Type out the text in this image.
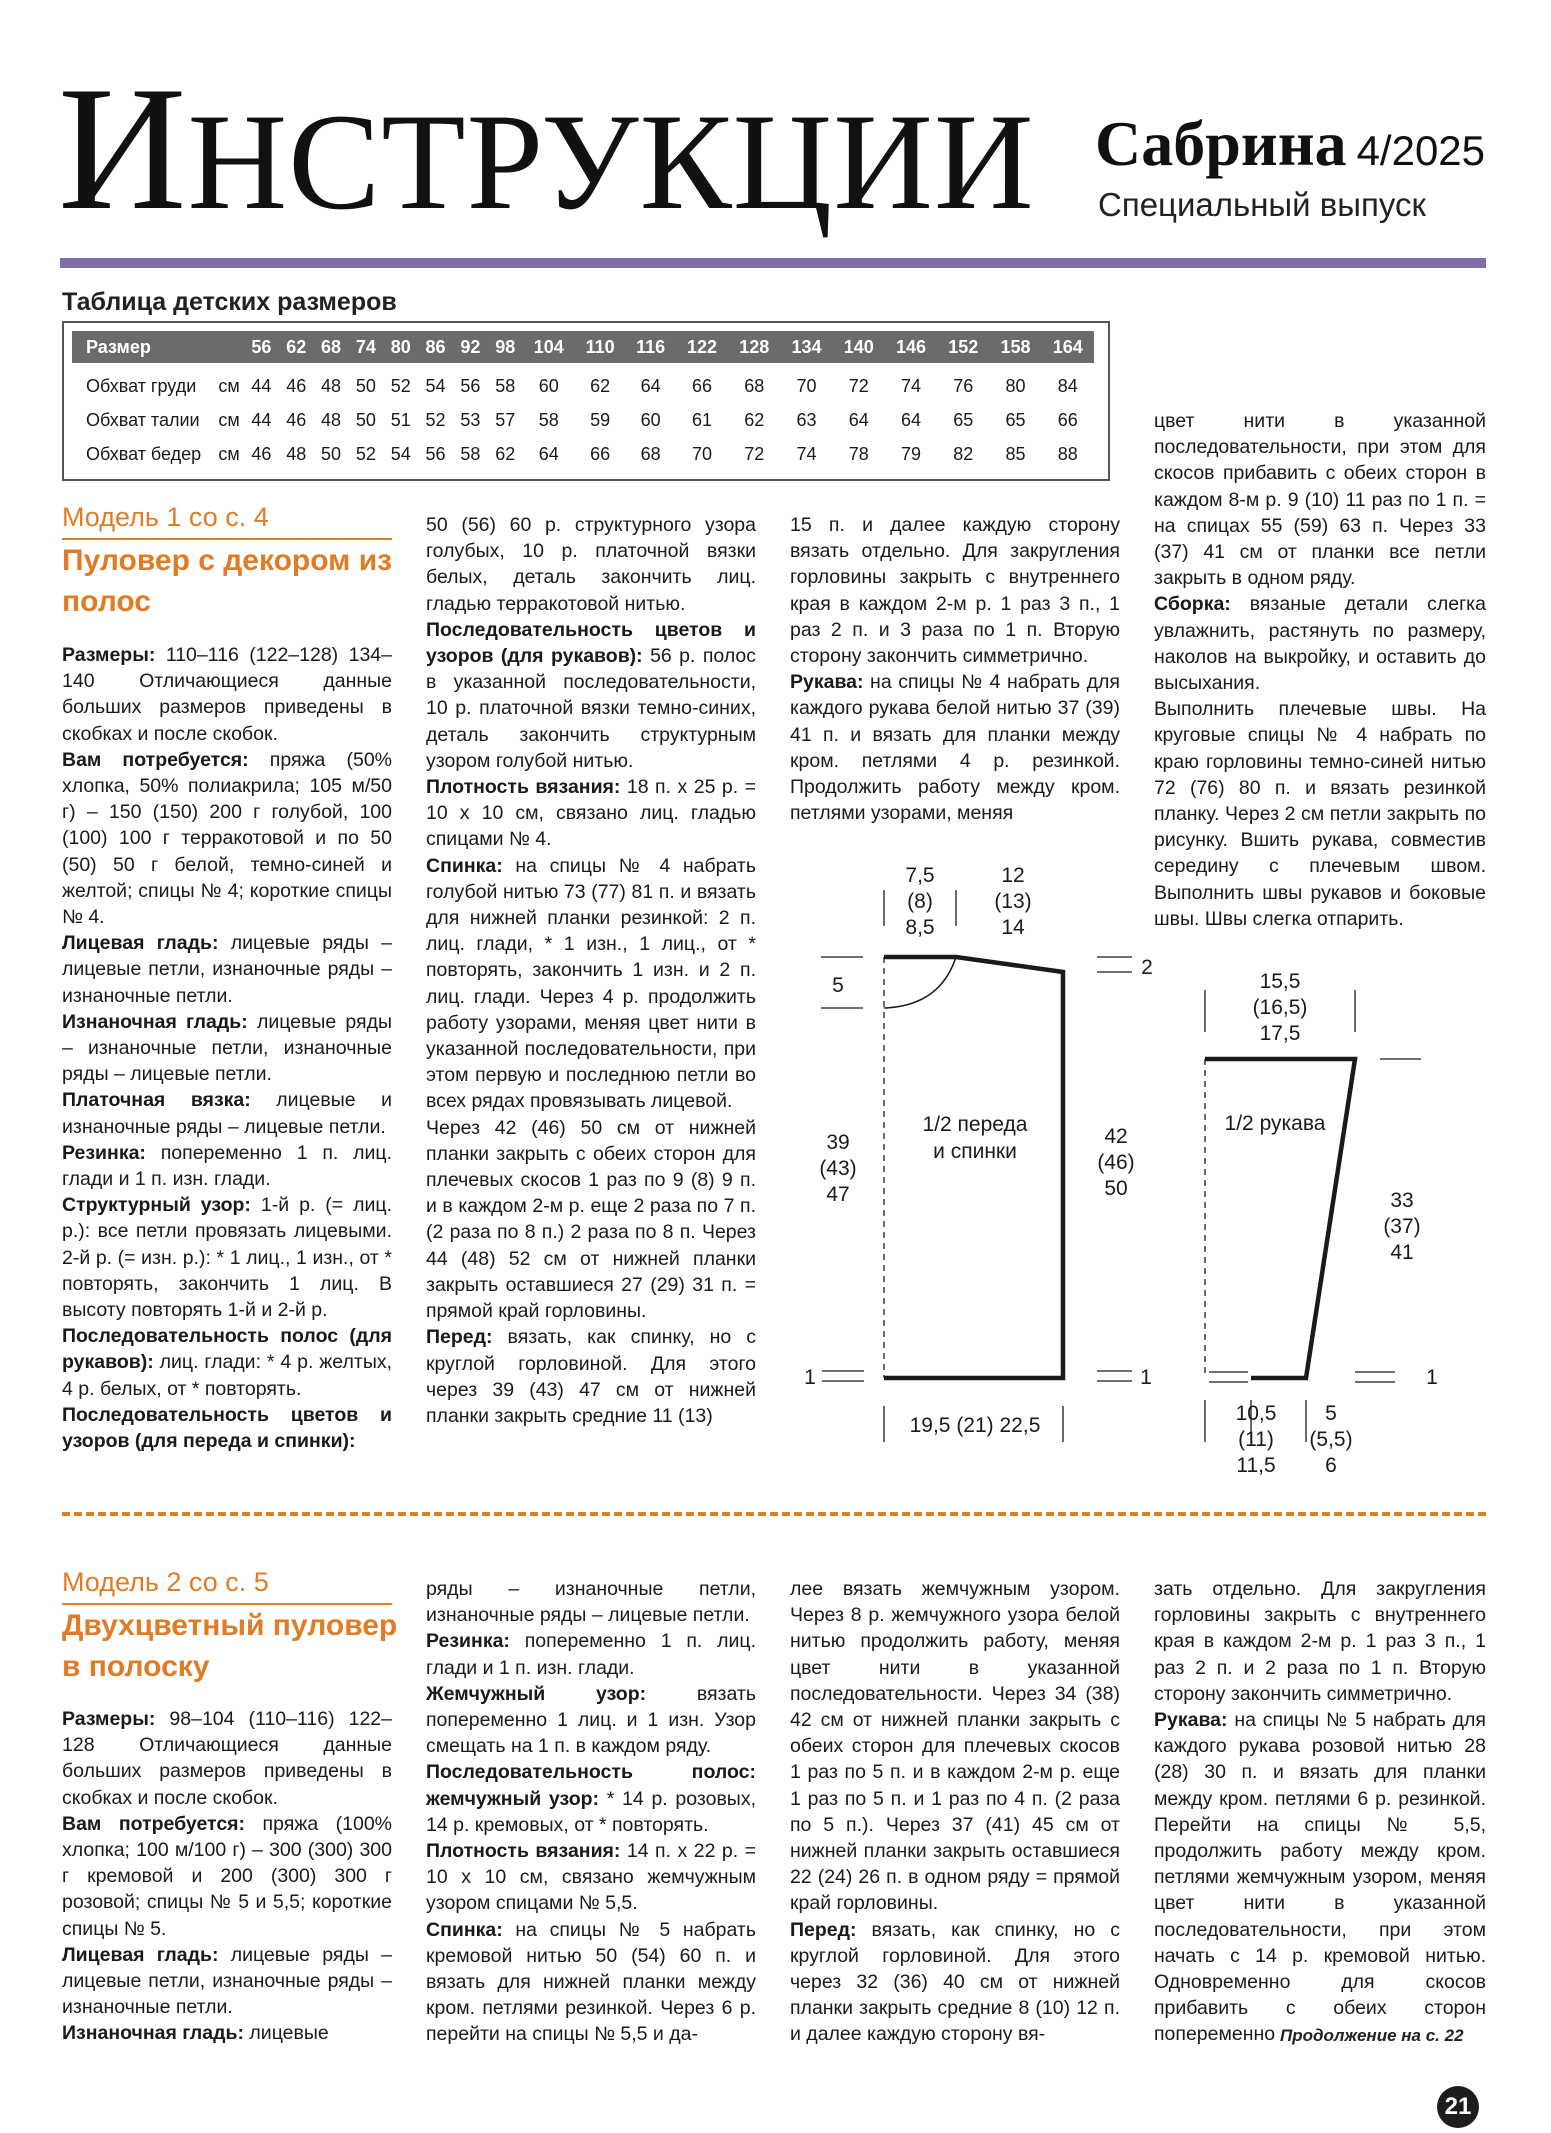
ИНСТРУКЦИИ Сабрина 4/2025
Специальный выпуск
Таблица детских размеров
Размер		56	62	68	74	80	86	92	98	104	110	116	122	128	134	140	146	152	158	164
Обхват груди	см	44	46	48	50	52	54	56	58	60	62	64	66	68	70	72	74	76	80	84
Обхват талии	см	44	46	48	50	51	52	53	57	58	59	60	61	62	63	64	64	65	65	66
Обхват бедер	см	46	48	50	52	54	56	58	62	64	66	68	70	72	74	78	79	82	85	88
Модель 1 со с. 4
Пуловер с декором из полос

Размеры: 110–116 (122–128) 134–140 Отличающиеся данные больших размеров приведены в скобках и после скобок.

Вам потребуется: пряжа (50% хлопка, 50% полиакрила; 105 м/50 г) – 150 (150) 200 г голубой, 100 (100) 100 г терракотовой и по 50 (50) 50 г белой, темно-синей и желтой; спицы № 4; короткие спицы № 4.

Лицевая гладь: лицевые ряды – лицевые петли, изнаночные ряды – изнаночные петли.

Изнаночная гладь: лицевые ряды – изнаночные петли, изнаночные ряды – лицевые петли.

Платочная вязка: лицевые и изнаночные ряды – лицевые петли.

Резинка: попеременно 1 п. лиц. глади и 1 п. изн. глади.

Структурный узор: 1-й р. (= лиц. р.): все петли провязать лицевыми. 2-й р. (= изн. р.): * 1 лиц., 1 изн., от * повторять, закончить 1 лиц. В высоту повторять 1-й и 2-й р.

Последовательность полос (для рукавов): лиц. глади: * 4 р. желтых, 4 р. белых, от * повторять.

Последовательность цветов и узоров (для переда и спинки):

50 (56) 60 р. структурного узора голубых, 10 р. платочной вязки белых, деталь закончить лиц. гладью терракотовой нитью.

Последовательность цветов и узоров (для рукавов): 56 р. полос в указанной последовательности, 10 р. платочной вязки темно-синих, деталь закончить структурным узором голубой нитью.

Плотность вязания: 18 п. х 25 р. = 10 х 10 см, связано лиц. гладью спицами № 4.

Спинка: на спицы № 4 набрать голубой нитью 73 (77) 81 п. и вязать для нижней планки резинкой: 2 п. лиц. глади, * 1 изн., 1 лиц., от * повторять, закончить 1 изн. и 2 п. лиц. глади. Через 4 р. продолжить работу узорами, меняя цвет нити в указанной последовательности, при этом первую и последнюю петли во всех рядах провязывать лицевой.

Через 42 (46) 50 см от нижней планки закрыть с обеих сторон для плечевых скосов 1 раз по 9 (8) 9 п. и в каждом 2-м р. еще 2 раза по 7 п. (2 раза по 8 п.) 2 раза по 8 п. Через 44 (48) 52 см от нижней планки закрыть оставшиеся 27 (29) 31 п. = прямой край горловины.

Перед: вязать, как спинку, но с круглой горловиной. Для этого через 39 (43) 47 см от нижней планки закрыть средние 11 (13)

15 п. и далее каждую сторону вязать отдельно. Для закругления горловины закрыть с внутреннего края в каждом 2-м р. 1 раз 3 п., 1 раз 2 п. и 3 раза по 1 п. Вторую сторону закончить симметрично.

Рукава: на спицы № 4 набрать для каждого рукава белой нитью 37 (39) 41 п. и вязать для планки между кром. петлями 4 р. резинкой. Продолжить работу между кром. петлями узорами, меняя

цвет нити в указанной последовательности, при этом для скосов прибавить с обеих сторон в каждом 8-м р. 9 (10) 11 раз по 1 п. = на спицах 55 (59) 63 п. Через 33 (37) 41 см от планки все петли закрыть в одном ряду.

Сборка: вязаные детали слегка увлажнить, растянуть по размеру, наколов на выкройку, и оставить до высыхания.

Выполнить плечевые швы. На круговые спицы № 4 набрать по краю горловины темно-синей нитью 72 (76) 80 п. и вязать резинкой планку. Через 2 см петли закрыть по рисунку. Вшить рукава, совместив середину с плечевым швом. Выполнить швы рукавов и боковые швы. Швы слегка отпарить.

1/2 переда
и спинки
1/2 рукава
7,5
(8)
8,5
12
(13)
14
5
2
39
(43)
47
42
(46)
50
1	1	1
19,5 (21) 22,5
15,5
(16,5)
17,5
33
(37)
41
10,5
(11)
11,5
5
(5,5)
6
Модель 2 со с. 5
Двухцветный пуловер в полоску

Размеры: 98–104 (110–116) 122–128 Отличающиеся данные больших размеров приведены в скобках и после скобок.

Вам потребуется: пряжа (100% хлопка; 100 м/100 г) – 300 (300) 300 г кремовой и 200 (300) 300 г розовой; спицы № 5 и 5,5; короткие спицы № 5.

Лицевая гладь: лицевые ряды – лицевые петли, изнаночные ряды – изнаночные петли.

Изнаночная гладь: лицевые

ряды – изнаночные петли, изнаночные ряды – лицевые петли.

Резинка: попеременно 1 п. лиц. глади и 1 п. изн. глади.

Жемчужный узор: вязать попеременно 1 лиц. и 1 изн. Узор смещать на 1 п. в каждом ряду.

Последовательность полос: жемчужный узор: * 14 р. розовых, 14 р. кремовых, от * повторять.

Плотность вязания: 14 п. х 22 р. = 10 х 10 см, связано жемчужным узором спицами № 5,5.

Спинка: на спицы № 5 набрать кремовой нитью 50 (54) 60 п. и вязать для нижней планки между кром. петлями резинкой. Через 6 р. перейти на спицы № 5,5 и да-

лее вязать жемчужным узором. Через 8 р. жемчужного узора белой нитью продолжить работу, меняя цвет нити в указанной последовательности. Через 34 (38) 42 см от нижней планки закрыть с обеих сторон для плечевых скосов 1 раз по 5 п. и в каждом 2-м р. еще 1 раз по 5 п. и 1 раз по 4 п. (2 раза по 5 п.). Через 37 (41) 45 см от нижней планки закрыть оставшиеся 22 (24) 26 п. в одном ряду = прямой край горловины.

Перед: вязать, как спинку, но с круглой горловиной. Для этого через 32 (36) 40 см от нижней планки закрыть средние 8 (10) 12 п. и далее каждую сторону вя-

зать отдельно. Для закругления горловины закрыть с внутреннего края в каждом 2-м р. 1 раз 3 п., 1 раз 2 п. и 2 раза по 1 п. Вторую сторону закончить симметрично.

Рукава: на спицы № 5 набрать для каждого рукава розовой нитью 28 (28) 30 п. и вязать для планки между кром. петлями 6 р. резинкой. Перейти на спицы № 5,5, продолжить работу между кром. петлями жемчужным узором, меняя цвет нити в указанной последовательности, при этом начать с 14 р. кремовой нитью. Одновременно для скосов прибавить с обеих сторон попеременно Продолжение на с. 22
21
